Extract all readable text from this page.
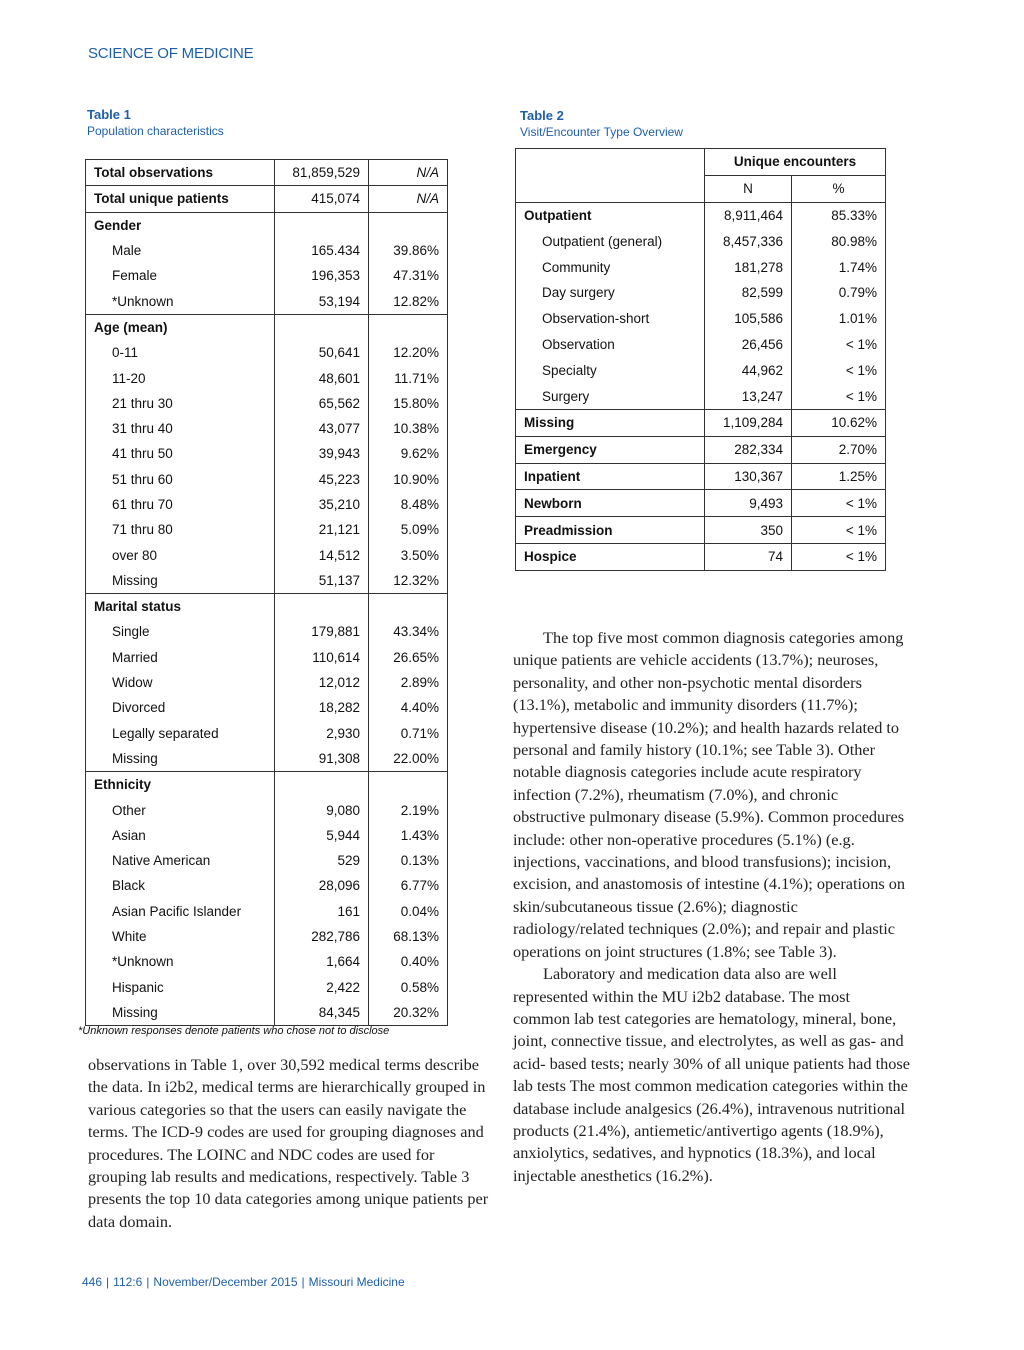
SCIENCE OF MEDICINE
Table 1
Population characteristics
Total observations	81,859,529	N/A
Total unique patients	415,074	N/A
Gender		
Male	165.434	39.86%
Female	196,353	47.31%
*Unknown	53,194	12.82%
Age (mean)		
0-11	50,641	12.20%
11-20	48,601	11.71%
21 thru 30	65,562	15.80%
31 thru 40	43,077	10.38%
41 thru 50	39,943	9.62%
51 thru 60	45,223	10.90%
61 thru 70	35,210	8.48%
71 thru 80	21,121	5.09%
over 80	14,512	3.50%
Missing	51,137	12.32%
Marital status		
Single	179,881	43.34%
Married	110,614	26.65%
Widow	12,012	2.89%
Divorced	18,282	4.40%
Legally separated	2,930	0.71%
Missing	91,308	22.00%
Ethnicity		
Other	9,080	2.19%
Asian	5,944	1.43%
Native American	529	0.13%
Black	28,096	6.77%
Asian Pacific Islander	161	0.04%
White	282,786	68.13%
*Unknown	1,664	0.40%
Hispanic	2,422	0.58%
Missing	84,345	20.32%
*Unknown responses denote patients who chose not to disclose
Table 2
Visit/Encounter Type Overview
	Unique encounters	
	N	%
Outpatient	8,911,464	85.33%
Outpatient (general)	8,457,336	80.98%
Community	181,278	1.74%
Day surgery	82,599	0.79%
Observation-short	105,586	1.01%
Observation	26,456	< 1%
Specialty	44,962	< 1%
Surgery	13,247	< 1%
Missing	1,109,284	10.62%
Emergency	282,334	2.70%
Inpatient	130,367	1.25%
Newborn	9,493	< 1%
Preadmission	350	< 1%
Hospice	74	< 1%

observations in Table 1, over 30,592 medical terms describe the data. In i2b2, medical terms are hierarchically grouped in various categories so that the users can easily navigate the terms. The ICD-9 codes are used for grouping diagnoses and procedures. The LOINC and NDC codes are used for grouping lab results and medications, respectively. Table 3 presents the top 10 data categories among unique patients per data domain.

The top five most common diagnosis categories among unique patients are vehicle accidents (13.7%); neuroses, personality, and other non-psychotic mental disorders (13.1%), metabolic and immunity disorders (11.7%); hypertensive disease (10.2%); and health hazards related to personal and family history (10.1%; see Table 3). Other notable diagnosis categories include acute respiratory infection (7.2%), rheumatism (7.0%), and chronic obstructive pulmonary disease (5.9%). Common procedures include: other non-operative procedures (5.1%) (e.g. injections, vaccinations, and blood transfusions); incision, excision, and anastomosis of intestine (4.1%); operations on skin/subcutaneous tissue (2.6%); diagnostic radiology/related techniques (2.0%); and repair and plastic operations on joint structures (1.8%; see Table 3).

Laboratory and medication data also are well represented within the MU i2b2 database. The most common lab test categories are hematology, mineral, bone, joint, connective tissue, and electrolytes, as well as gas- and acid- based tests; nearly 30% of all unique patients had those lab tests The most common medication categories within the database include analgesics (26.4%), intravenous nutritional products (21.4%), antiemetic/antivertigo agents (18.9%), anxiolytics, sedatives, and hypnotics (18.3%), and local injectable anesthetics (16.2%).

446 | 112:6 | November/December 2015 | Missouri Medicine
